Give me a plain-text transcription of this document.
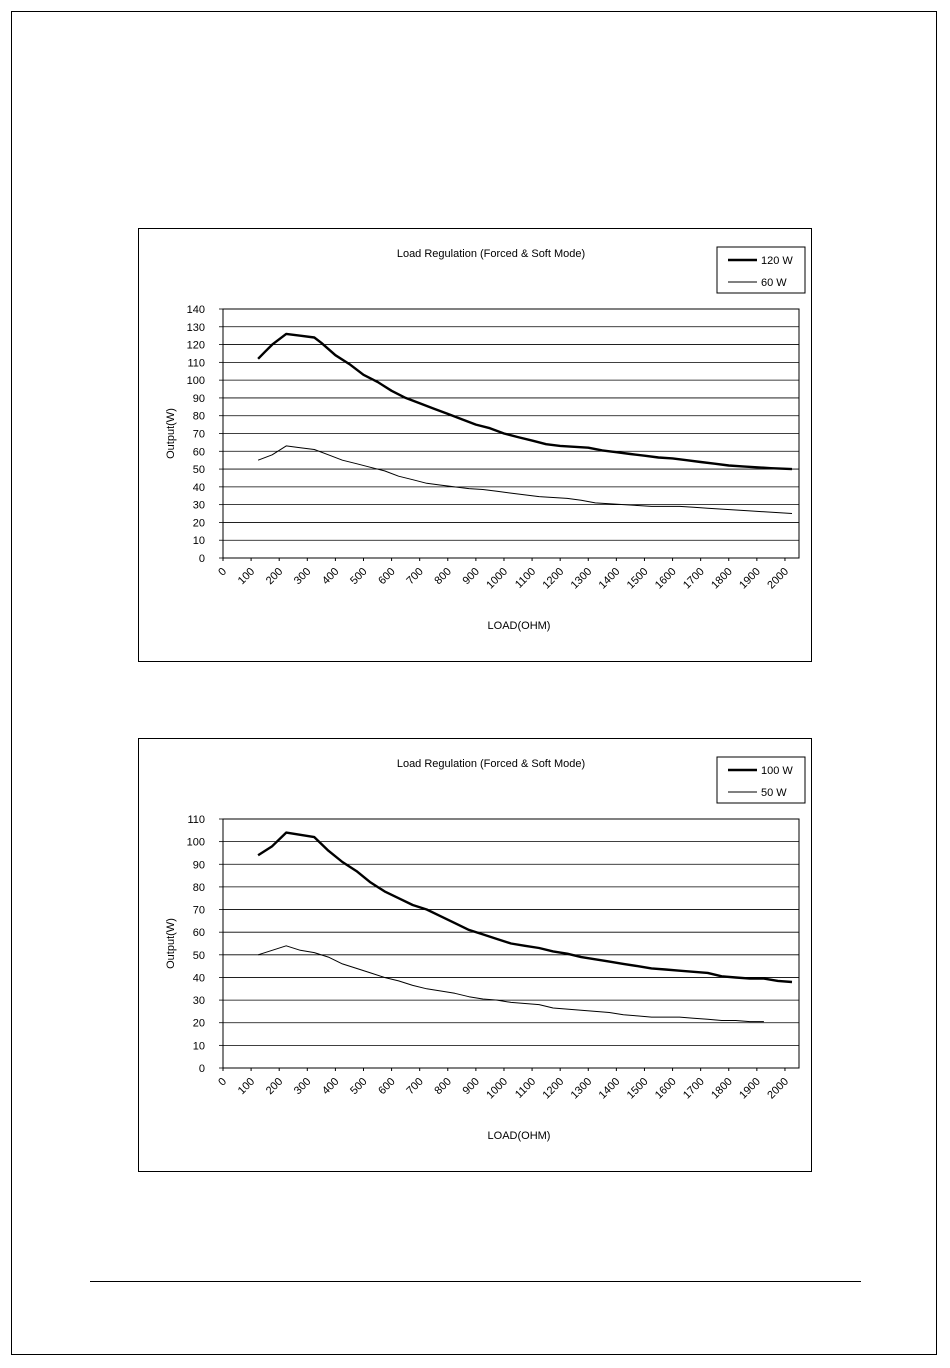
Load Regulation (Forced & Soft Mode)
120 W
60 W
0
10
20
30
40
50
60
70
80
90
100
110
120
130
140
0 100 200 300 400 500 600 700 800 900 1000 1100 1200 1300 1400 1500 1600 1700 1800 1900 2000
LOAD(OHM)
Output(W)
Load Regulation (Forced & Soft Mode)
100 W
50 W
0
10
20
30
40
50
60
70
80
90
100
110
0 100 200 300 400 500 600 700 800 900 1000 1100 1200 1300 1400 1500 1600 1700 1800 1900 2000
LOAD(OHM)
Output(W)
